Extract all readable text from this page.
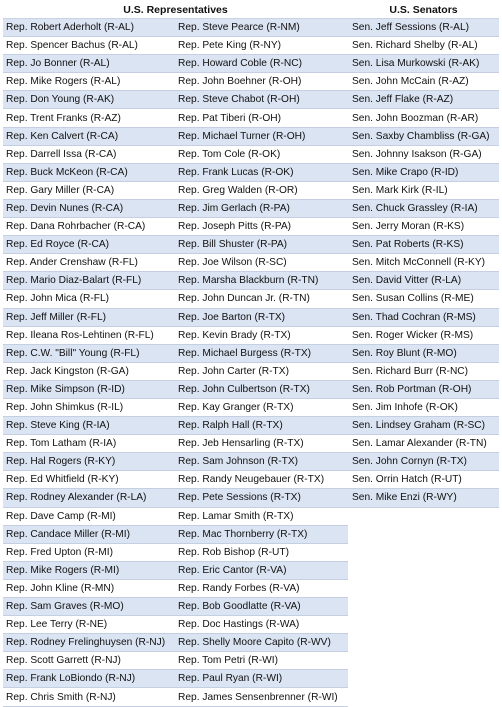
U.S. Representatives		U.S. Senators
Rep. Robert Aderholt (R-AL)	Rep. Steve Pearce (R-NM)	Sen. Jeff Sessions (R-AL)
Rep. Spencer Bachus (R-AL)	Rep. Pete King (R-NY)	Sen. Richard Shelby (R-AL)
Rep. Jo Bonner (R-AL)	Rep. Howard Coble (R-NC)	Sen. Lisa Murkowski (R-AK)
Rep. Mike Rogers (R-AL)	Rep. John Boehner (R-OH)	Sen. John McCain (R-AZ)
Rep. Don Young (R-AK)	Rep. Steve Chabot (R-OH)	Sen. Jeff Flake (R-AZ)
Rep. Trent Franks (R-AZ)	Rep. Pat Tiberi (R-OH)	Sen. John Boozman (R-AR)
Rep. Ken Calvert (R-CA)	Rep. Michael Turner (R-OH)	Sen. Saxby Chambliss (R-GA)
Rep. Darrell Issa (R-CA)	Rep. Tom Cole (R-OK)	Sen. Johnny Isakson (R-GA)
Rep. Buck McKeon (R-CA)	Rep. Frank Lucas (R-OK)	Sen. Mike Crapo (R-ID)
Rep. Gary Miller (R-CA)	Rep. Greg Walden (R-OR)	Sen. Mark Kirk (R-IL)
Rep. Devin Nunes (R-CA)	Rep. Jim Gerlach (R-PA)	Sen. Chuck Grassley (R-IA)
Rep. Dana Rohrbacher (R-CA)	Rep. Joseph Pitts (R-PA)	Sen. Jerry Moran (R-KS)
Rep. Ed Royce (R-CA)	Rep. Bill Shuster (R-PA)	Sen. Pat Roberts (R-KS)
Rep. Ander Crenshaw (R-FL)	Rep. Joe Wilson (R-SC)	Sen. Mitch McConnell (R-KY)
Rep. Mario Diaz-Balart (R-FL)	Rep. Marsha Blackburn (R-TN)	Sen. David Vitter (R-LA)
Rep. John Mica (R-FL)	Rep. John Duncan Jr. (R-TN)	Sen. Susan Collins (R-ME)
Rep. Jeff Miller (R-FL)	Rep. Joe Barton (R-TX)	Sen. Thad Cochran (R-MS)
Rep. Ileana Ros-Lehtinen (R-FL)	Rep. Kevin Brady (R-TX)	Sen. Roger Wicker (R-MS)
Rep. C.W. "Bill" Young (R-FL)	Rep. Michael Burgess (R-TX)	Sen. Roy Blunt (R-MO)
Rep. Jack Kingston (R-GA)	Rep. John Carter (R-TX)	Sen. Richard Burr (R-NC)
Rep. Mike Simpson (R-ID)	Rep. John Culbertson (R-TX)	Sen. Rob Portman (R-OH)
Rep. John Shimkus (R-IL)	Rep. Kay Granger (R-TX)	Sen. Jim Inhofe (R-OK)
Rep. Steve King (R-IA)	Rep. Ralph Hall (R-TX)	Sen. Lindsey Graham (R-SC)
Rep. Tom Latham (R-IA)	Rep. Jeb Hensarling (R-TX)	Sen. Lamar Alexander (R-TN)
Rep. Hal Rogers (R-KY)	Rep. Sam Johnson (R-TX)	Sen. John Cornyn (R-TX)
Rep. Ed Whitfield (R-KY)	Rep. Randy Neugebauer (R-TX)	Sen. Orrin Hatch (R-UT)
Rep. Rodney Alexander (R-LA)	Rep. Pete Sessions (R-TX)	Sen. Mike Enzi (R-WY)
Rep. Dave Camp (R-MI)	Rep. Lamar Smith (R-TX)	
Rep. Candace Miller (R-MI)	Rep. Mac Thornberry (R-TX)	
Rep. Fred Upton (R-MI)	Rep. Rob Bishop (R-UT)	
Rep. Mike Rogers (R-MI)	Rep. Eric Cantor (R-VA)	
Rep. John Kline (R-MN)	Rep. Randy Forbes (R-VA)	
Rep. Sam Graves (R-MO)	Rep. Bob Goodlatte (R-VA)	
Rep. Lee Terry (R-NE)	Rep. Doc Hastings (R-WA)	
Rep. Rodney Frelinghuysen (R-NJ)	Rep. Shelly Moore Capito (R-WV)	
Rep. Scott Garrett (R-NJ)	Rep. Tom Petri (R-WI)	
Rep. Frank LoBiondo (R-NJ)	Rep. Paul Ryan (R-WI)	
Rep. Chris Smith (R-NJ)	Rep. James Sensenbrenner (R-WI)	
